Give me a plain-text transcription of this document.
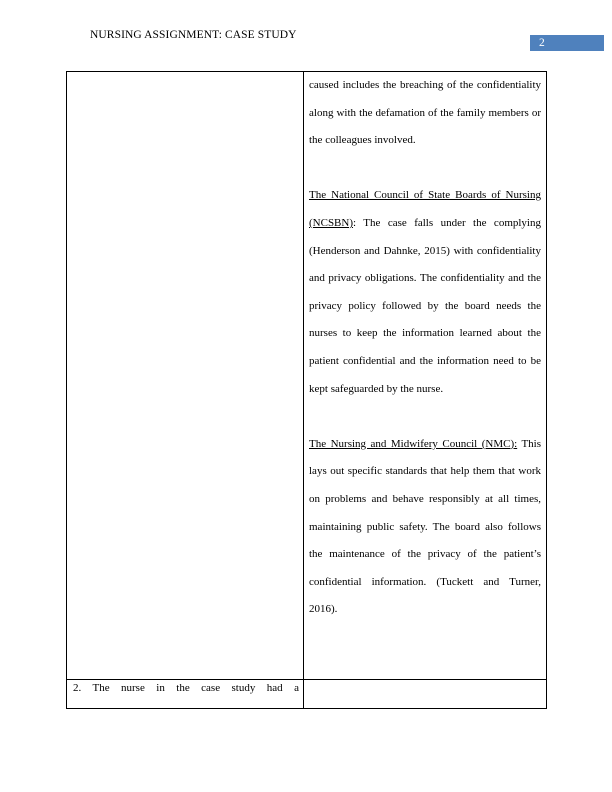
NURSING ASSIGNMENT: CASE STUDY
2

	caused includes the breaching of the confidentiality along with the defamation of the family members or the colleagues involved.

The National Council of State Boards of Nursing (NCSBN): The case falls under the complying (Henderson and Dahnke, 2015) with confidentiality and privacy obligations. The confidentiality and the privacy policy followed by the board needs the nurses to keep the information learned about the patient confidential and the information need to be kept safeguarded by the nurse.

The Nursing and Midwifery Council (NMC): This lays out specific standards that help them that work on problems and behave responsibly at all times, maintaining public safety. The board also follows the maintenance of the privacy of the patient’s confidential information. (Tuckett and Turner, 2016).

2. The nurse in the case study had a	
